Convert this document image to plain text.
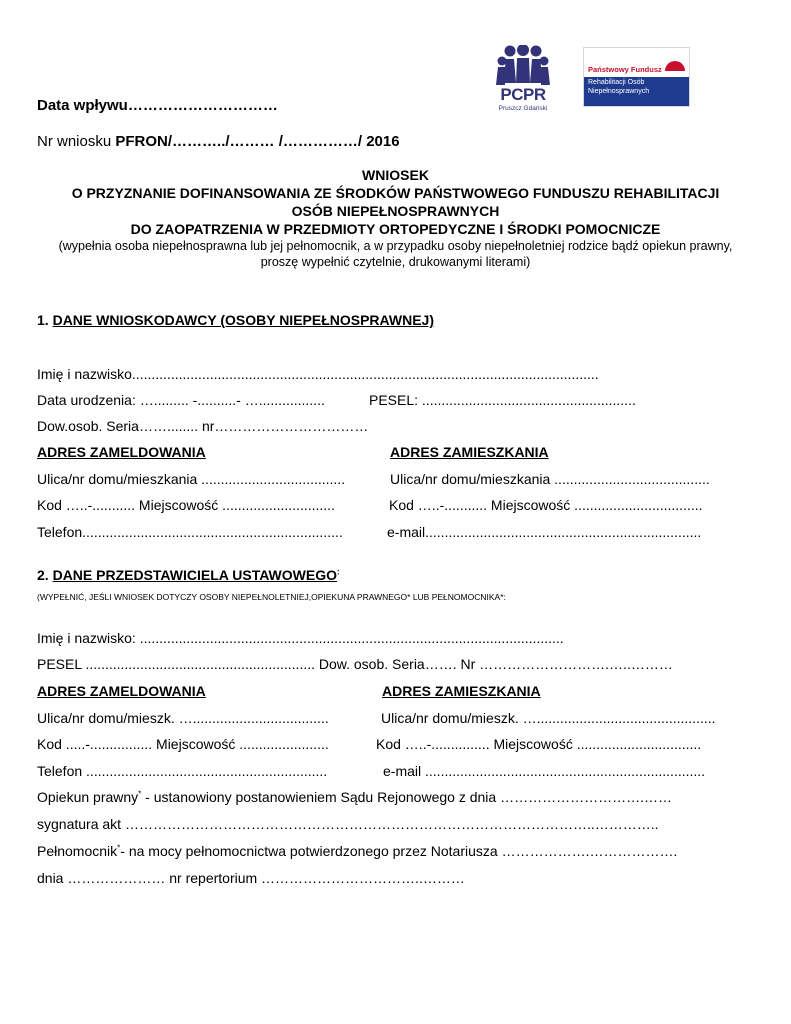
PCPR
Pruszcz Gdański
Państwowy Fundusz
Rehabilitacji Osób
Niepełnosprawnych
Data wpływu…………………………
Nr wniosku PFRON/………../……… /……………/ 2016
WNIOSEK
O PRZYZNANIE DOFINANSOWANIA ZE ŚRODKÓW PAŃSTWOWEGO FUNDUSZU REHABILITACJI
OSÓB NIEPEŁNOSPRAWNYCH
DO ZAOPATRZENIA W PRZEDMIOTY ORTOPEDYCZNE I ŚRODKI POMOCNICZE
(wypełnia osoba niepełnosprawna lub jej pełnomocnik, a w przypadku osoby niepełnoletniej rodzice bądź opiekun prawny,
proszę wypełnić czytelnie, drukowanymi literami)
1. DANE WNIOSKODAWCY (OSOBY NIEPEŁNOSPRAWNEJ)
Imię i nazwisko........................................................................................................................
Data urodzenia: …......... -..........- ….................	PESEL: .......................................................
Dow.osob. Seria……........ nr……………………………
ADRES ZAMELDOWANIA	ADRES ZAMIESZKANIA
Ulica/nr domu/mieszkania .....................................	Ulica/nr domu/mieszkania ........................................
Kod …..-........... Miejscowość .............................	Kod …..-........... Miejscowość .................................
Telefon...................................................................	e-mail.......................................................................
2. DANE PRZEDSTAWICIELA USTAWOWEGO:
(WYPEŁNIĆ, JEŚLI WNIOSEK DOTYCZY OSOBY NIEPEŁNOLETNIEJ,OPIEKUNA PRAWNEGO* LUB PEŁNOMOCNIKA*:
Imię i nazwisko: .............................................................................................................
PESEL ........................................................... Dow. osob. Seria……. Nr ……………………….…..………
ADRES ZAMELDOWANIA	ADRES ZAMIESZKANIA
Ulica/nr domu/mieszk. …...................................	Ulica/nr domu/mieszk. …..............................................
Kod .....-................ Miejscowość .......................	Kod …..-............... Miejscowość ................................
Telefon ..............................................................	e-mail ........................................................................
Opiekun prawny* - ustanowiony postanowieniem Sądu Rejonowego z dnia ………………………….……
sygnatura akt ………………………………………………………………………………………..…………..
Pełnomocnik*- na mocy pełnomocnictwa potwierdzonego przez Notariusza ……………….……………….
dnia ………………… nr repertorium ……………………………..………
